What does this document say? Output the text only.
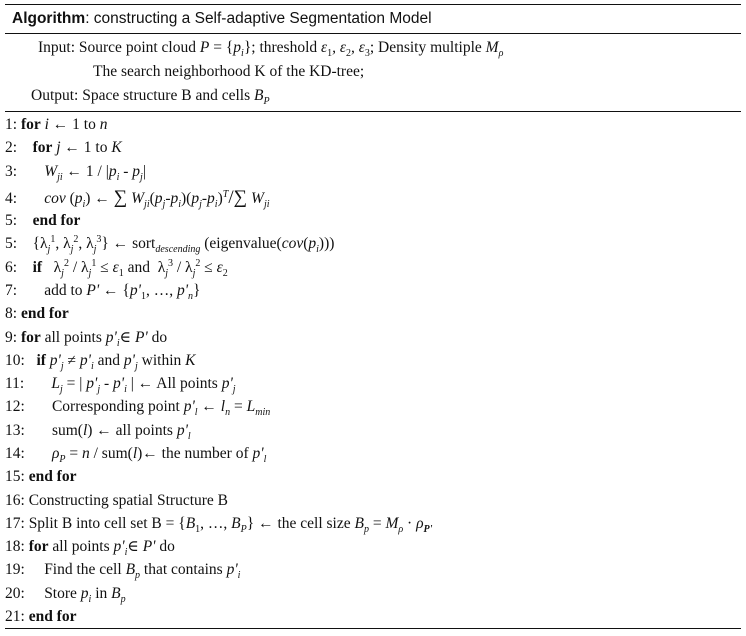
Algorithm: constructing a Self-adaptive Segmentation Model
Input: Source point cloud $P = \{p_i\}$; threshold $\varepsilon_1$, $\varepsilon_2$, $\varepsilon_3$; Density multiple $M_\rho$
The search neighborhood K of the KD-tree;
Output: Space structure B and cells $B_P$
1: for i ← 1 to n
2: for j ← 1 to K
3: $W_{ji}$ ← $1 / |p_i - p_j|$
4: cov $(p_i)$ ← ∑ $W_{ji}(p_j-p_i)(p_j-p_i)^T/\sum$ $W_{ji}$
5: end for
5:    {$\lambda_j^1$, $\lambda_j^2$, $\lambda_j^3$} ← sort$_{descending}$ $(eigenvalue(cov(p_i)))$
6: if   $\lambda_j^2 / \lambda_j^1 \le \varepsilon_1$ and  $\lambda_j^3 / \lambda_j^2 \le \varepsilon_2$
7: add to P' ← {$p'_1$, …, $p'_n$}
8: end for
9: for all points $p'_i\in$ P' do
10: if $p'_j \ne p'_i$ and $p'_j$ within K
11: $L_j$ = | $p'_j - p'_i$ | ← All points $p'_j$
12: Corresponding point $p'_l$ ← $l_n = L_{min}$
13:       sum(l) ← all points $p'_l$
14: $\rho_P = n$ / sum(l)← the number of $p'_l$
15: end for
16: Constructing spatial Structure B
17: Split B into cell set $B = \{B_1$, …, $B_P$} ← the cell size $B_p = M_\rho \cdot \rho_{P'}$
18: for all points $p'_i\in$ P' do
19: Find the cell $B_p$ that contains $p'_i$
20: Store $p_i$ in $B_p$
21: end for
